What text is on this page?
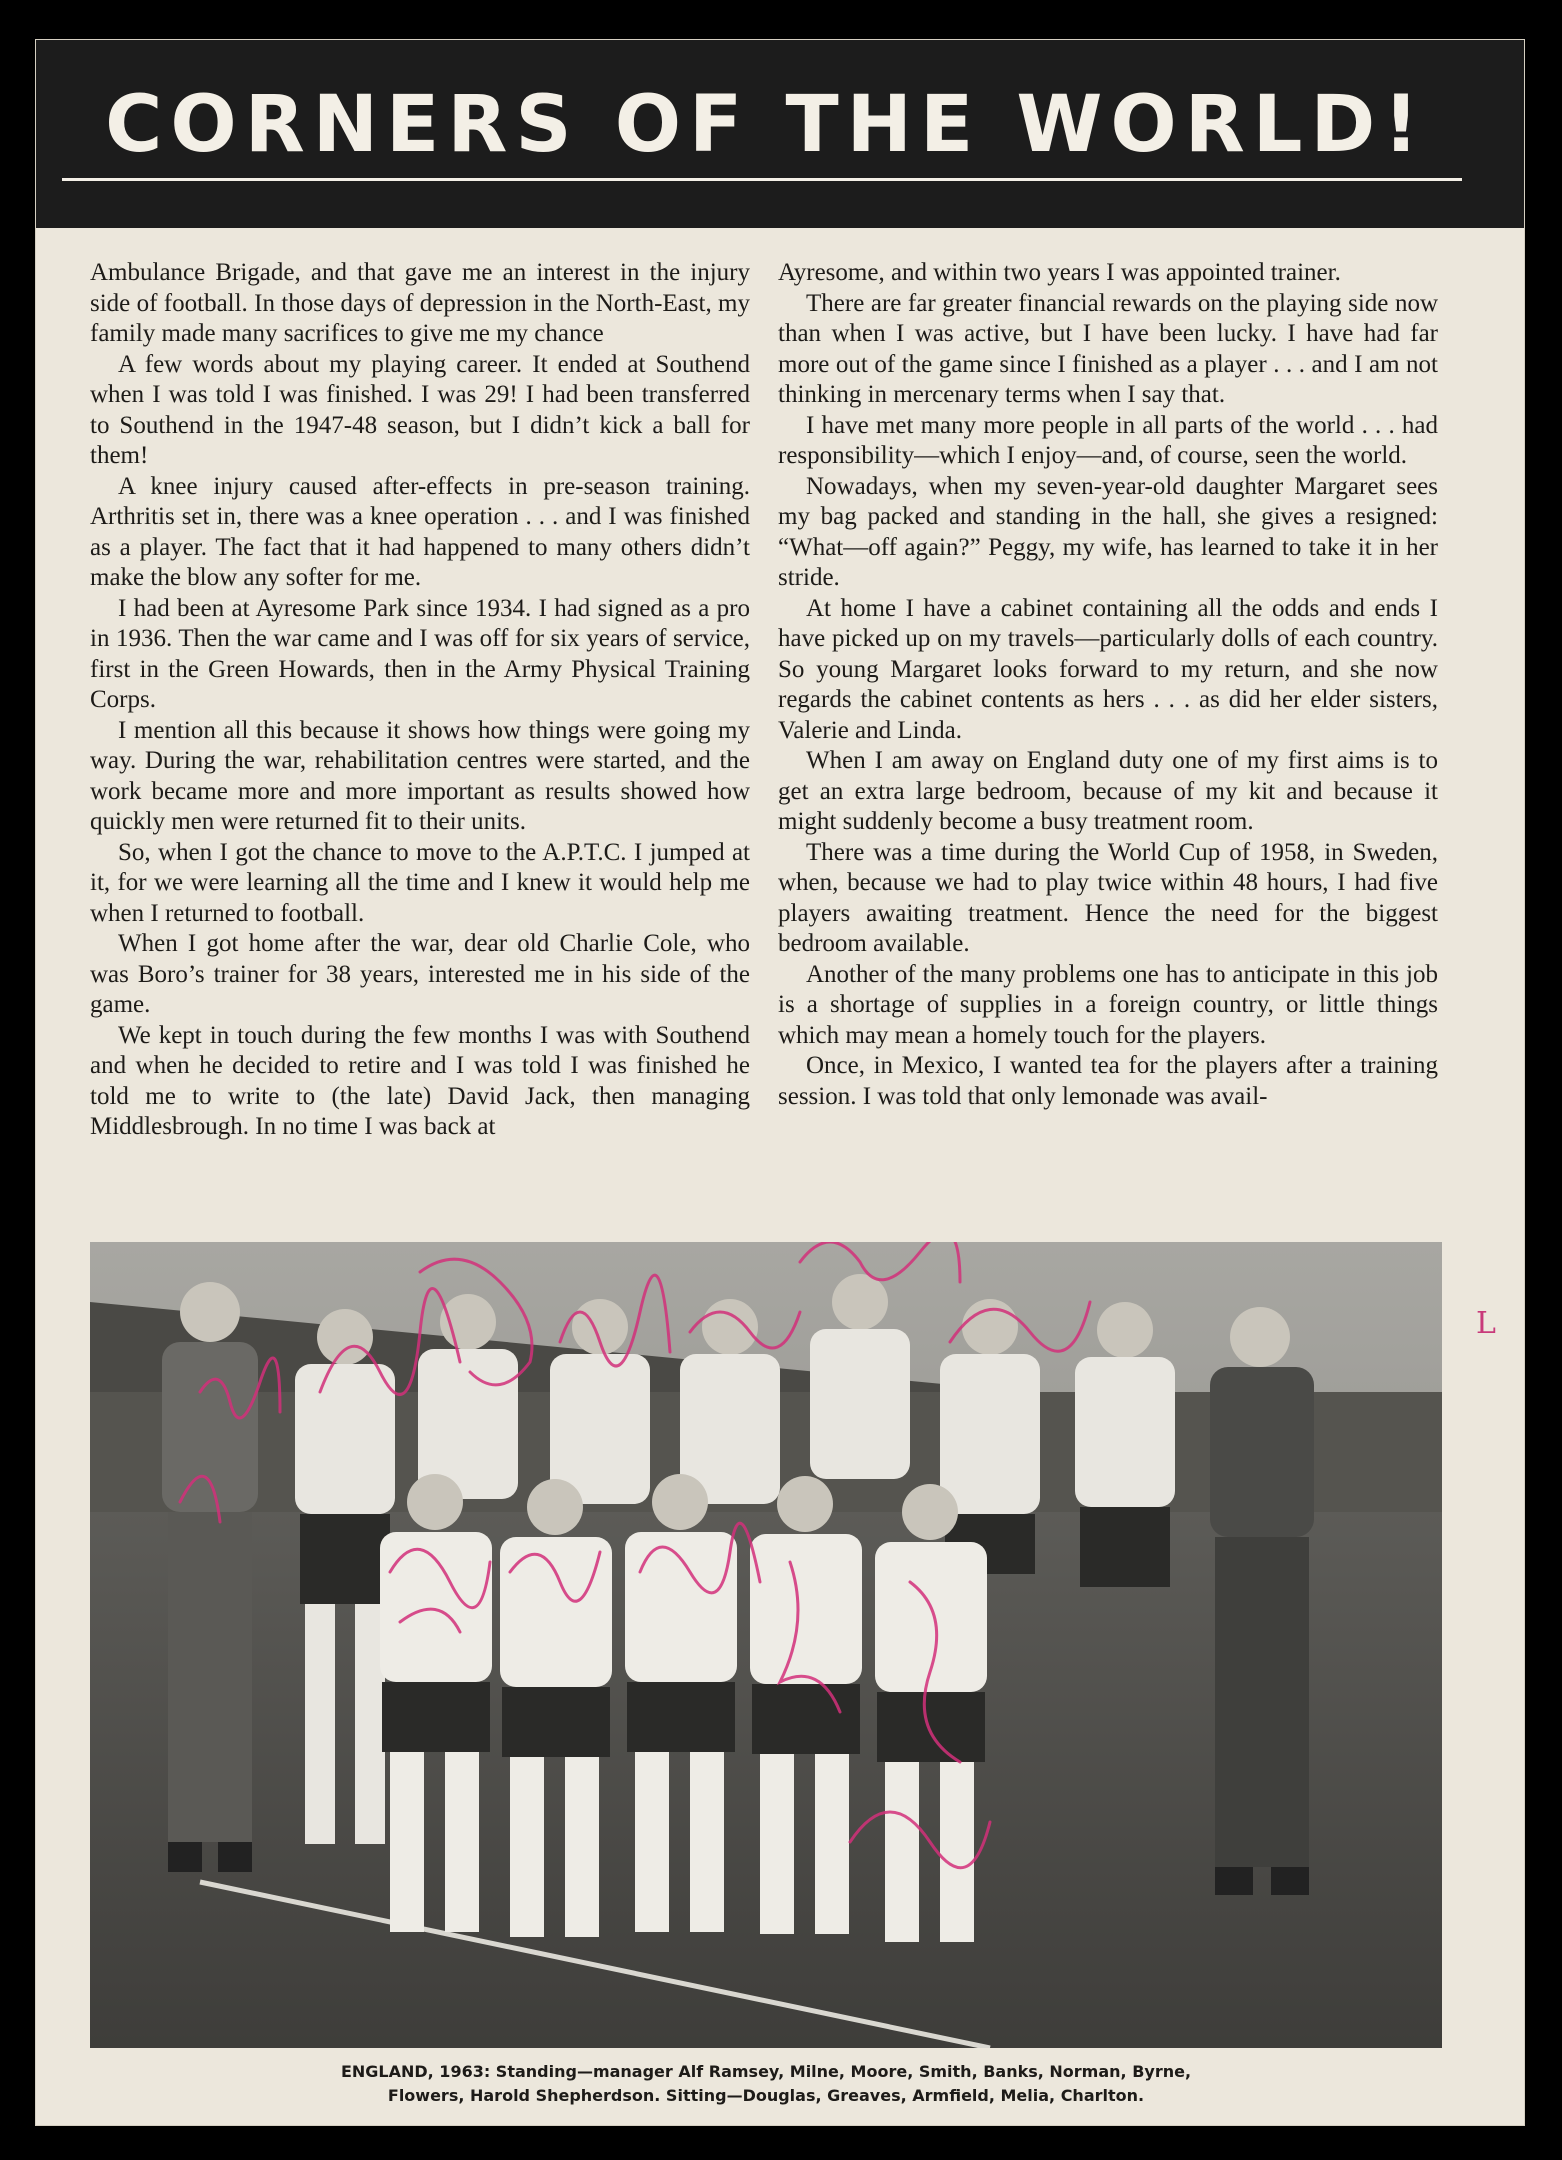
CORNERS OF THE WORLD!

Ambulance Brigade, and that gave me an interest in the injury side of football. In those days of depression in the North-East, my family made many sacrifices to give me my chance

A few words about my playing career. It ended at Southend when I was told I was finished. I was 29! I had been transferred to Southend in the 1947-48 season, but I didn’t kick a ball for them!

A knee injury caused after-effects in pre-season training. Arthritis set in, there was a knee operation . . . and I was finished as a player. The fact that it had happened to many others didn’t make the blow any softer for me.

I had been at Ayresome Park since 1934. I had signed as a pro in 1936. Then the war came and I was off for six years of service, first in the Green Howards, then in the Army Physical Training Corps.

I mention all this because it shows how things were going my way. During the war, rehabilitation centres were started, and the work became more and more important as results showed how quickly men were returned fit to their units.

So, when I got the chance to move to the A.P.T.C. I jumped at it, for we were learning all the time and I knew it would help me when I returned to football.

When I got home after the war, dear old Charlie Cole, who was Boro’s trainer for 38 years, interested me in his side of the game.

We kept in touch during the few months I was with Southend and when he decided to retire and I was told I was finished he told me to write to (the late) David Jack, then managing Middlesbrough. In no time I was back at

Ayresome, and within two years I was appointed trainer.

There are far greater financial rewards on the playing side now than when I was active, but I have been lucky. I have had far more out of the game since I finished as a player . . . and I am not thinking in mercenary terms when I say that.

I have met many more people in all parts of the world . . . had responsibility—which I enjoy—and, of course, seen the world.

Nowadays, when my seven-year-old daughter Margaret sees my bag packed and standing in the hall, she gives a resigned: “What—off again?” Peggy, my wife, has learned to take it in her stride.

At home I have a cabinet containing all the odds and ends I have picked up on my travels—particularly dolls of each country. So young Margaret looks forward to my return, and she now regards the cabinet contents as hers . . . as did her elder sisters, Valerie and Linda.

When I am away on England duty one of my first aims is to get an extra large bedroom, because of my kit and because it might suddenly become a busy treatment room.

There was a time during the World Cup of 1958, in Sweden, when, because we had to play twice within 48 hours, I had five players awaiting treatment. Hence the need for the biggest bedroom available.

Another of the many problems one has to anticipate in this job is a shortage of supplies in a foreign country, or little things which may mean a homely touch for the players.

Once, in Mexico, I wanted tea for the players after a training session. I was told that only lemonade was avail-

ENGLAND, 1963: Standing—manager Alf Ramsey, Milne, Moore, Smith, Banks, Norman, Byrne,
Flowers, Harold Shepherdson. Sitting—Douglas, Greaves, Armfield, Melia, Charlton.
L
